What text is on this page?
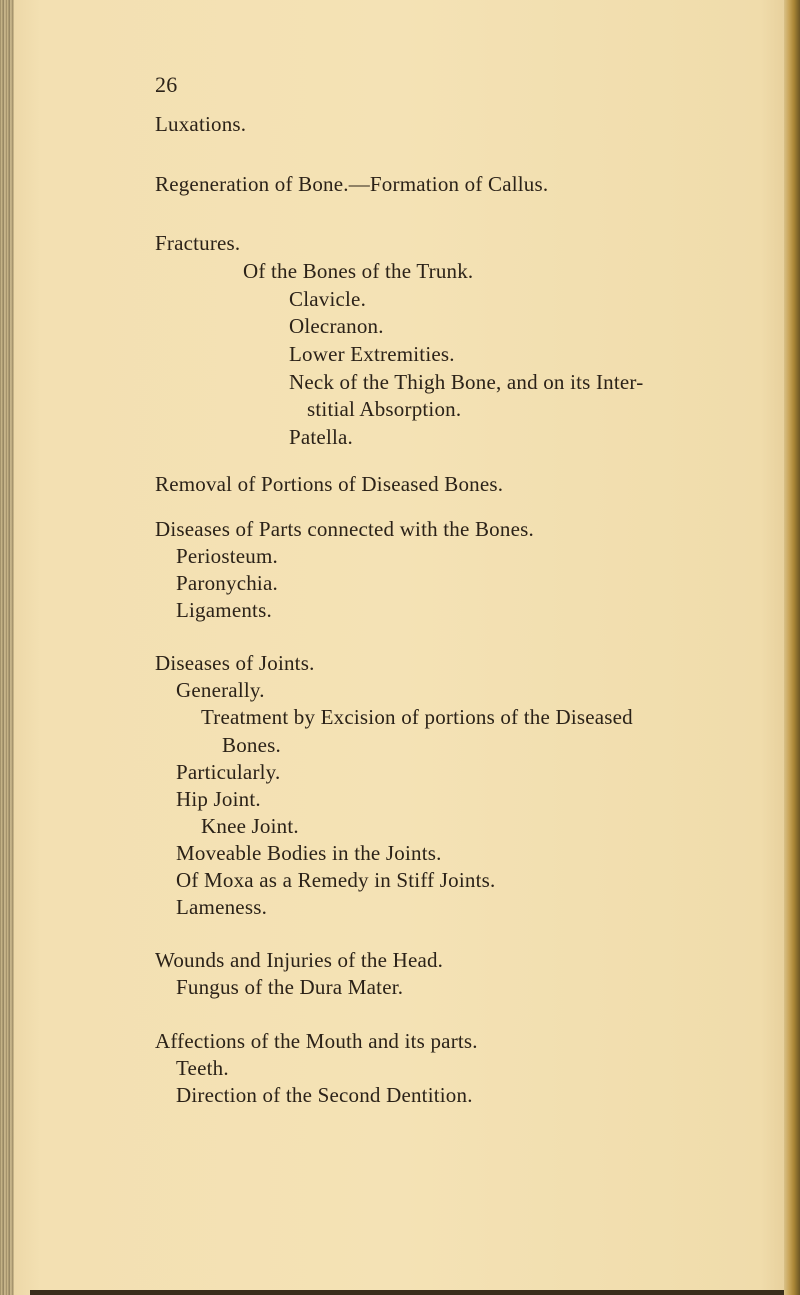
26
Luxations.
Regeneration of Bone.—Formation of Callus.
Fractures.
Of the Bones of the Trunk.
Clavicle.
Olecranon.
Lower Extremities.
Neck of the Thigh Bone, and on its Inter-
stitial Absorption.
Patella.
Removal of Portions of Diseased Bones.
Diseases of Parts connected with the Bones.
Periosteum.
Paronychia.
Ligaments.
Diseases of Joints.
Generally.
Treatment by Excision of portions of the Diseased
Bones.
Particularly.
Hip Joint.
Knee Joint.
Moveable Bodies in the Joints.
Of Moxa as a Remedy in Stiff Joints.
Lameness.
Wounds and Injuries of the Head.
Fungus of the Dura Mater.
Affections of the Mouth and its parts.
Teeth.
Direction of the Second Dentition.
